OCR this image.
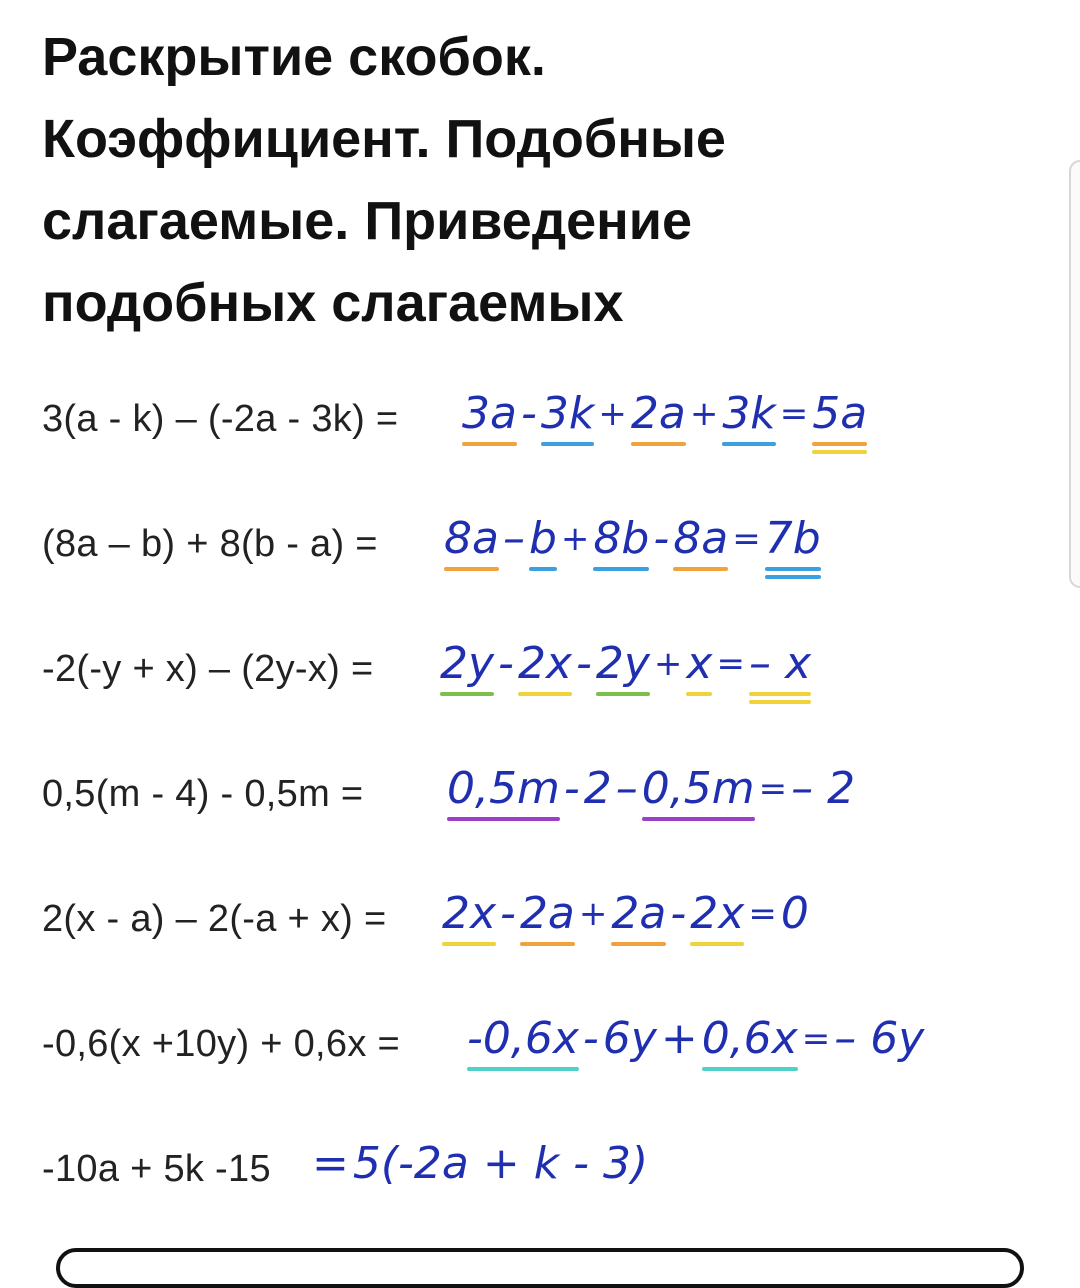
Раскрытие скобок.
Коэффициент. Подобные
слагаемые. Приведение
подобных слагаемых
3(a - k) – (-2a - 3k) = 3a - 3k + 2a + 3k = 5a
(8a – b) + 8(b - a) = 8a – b + 8b - 8a = 7b
-2(-y + x) – (2y-x) = 2y - 2x - 2y + x = – x
0,5(m - 4) - 0,5m = 0,5m - 2 – 0,5m = – 2
2(x - a) – 2(-a + x) = 2x - 2a + 2a - 2x = 0
-0,6(x +10y) + 0,6x = -0,6x - 6y + 0,6x = – 6y
-10a + 5k -15 = 5(-2a + k - 3)
